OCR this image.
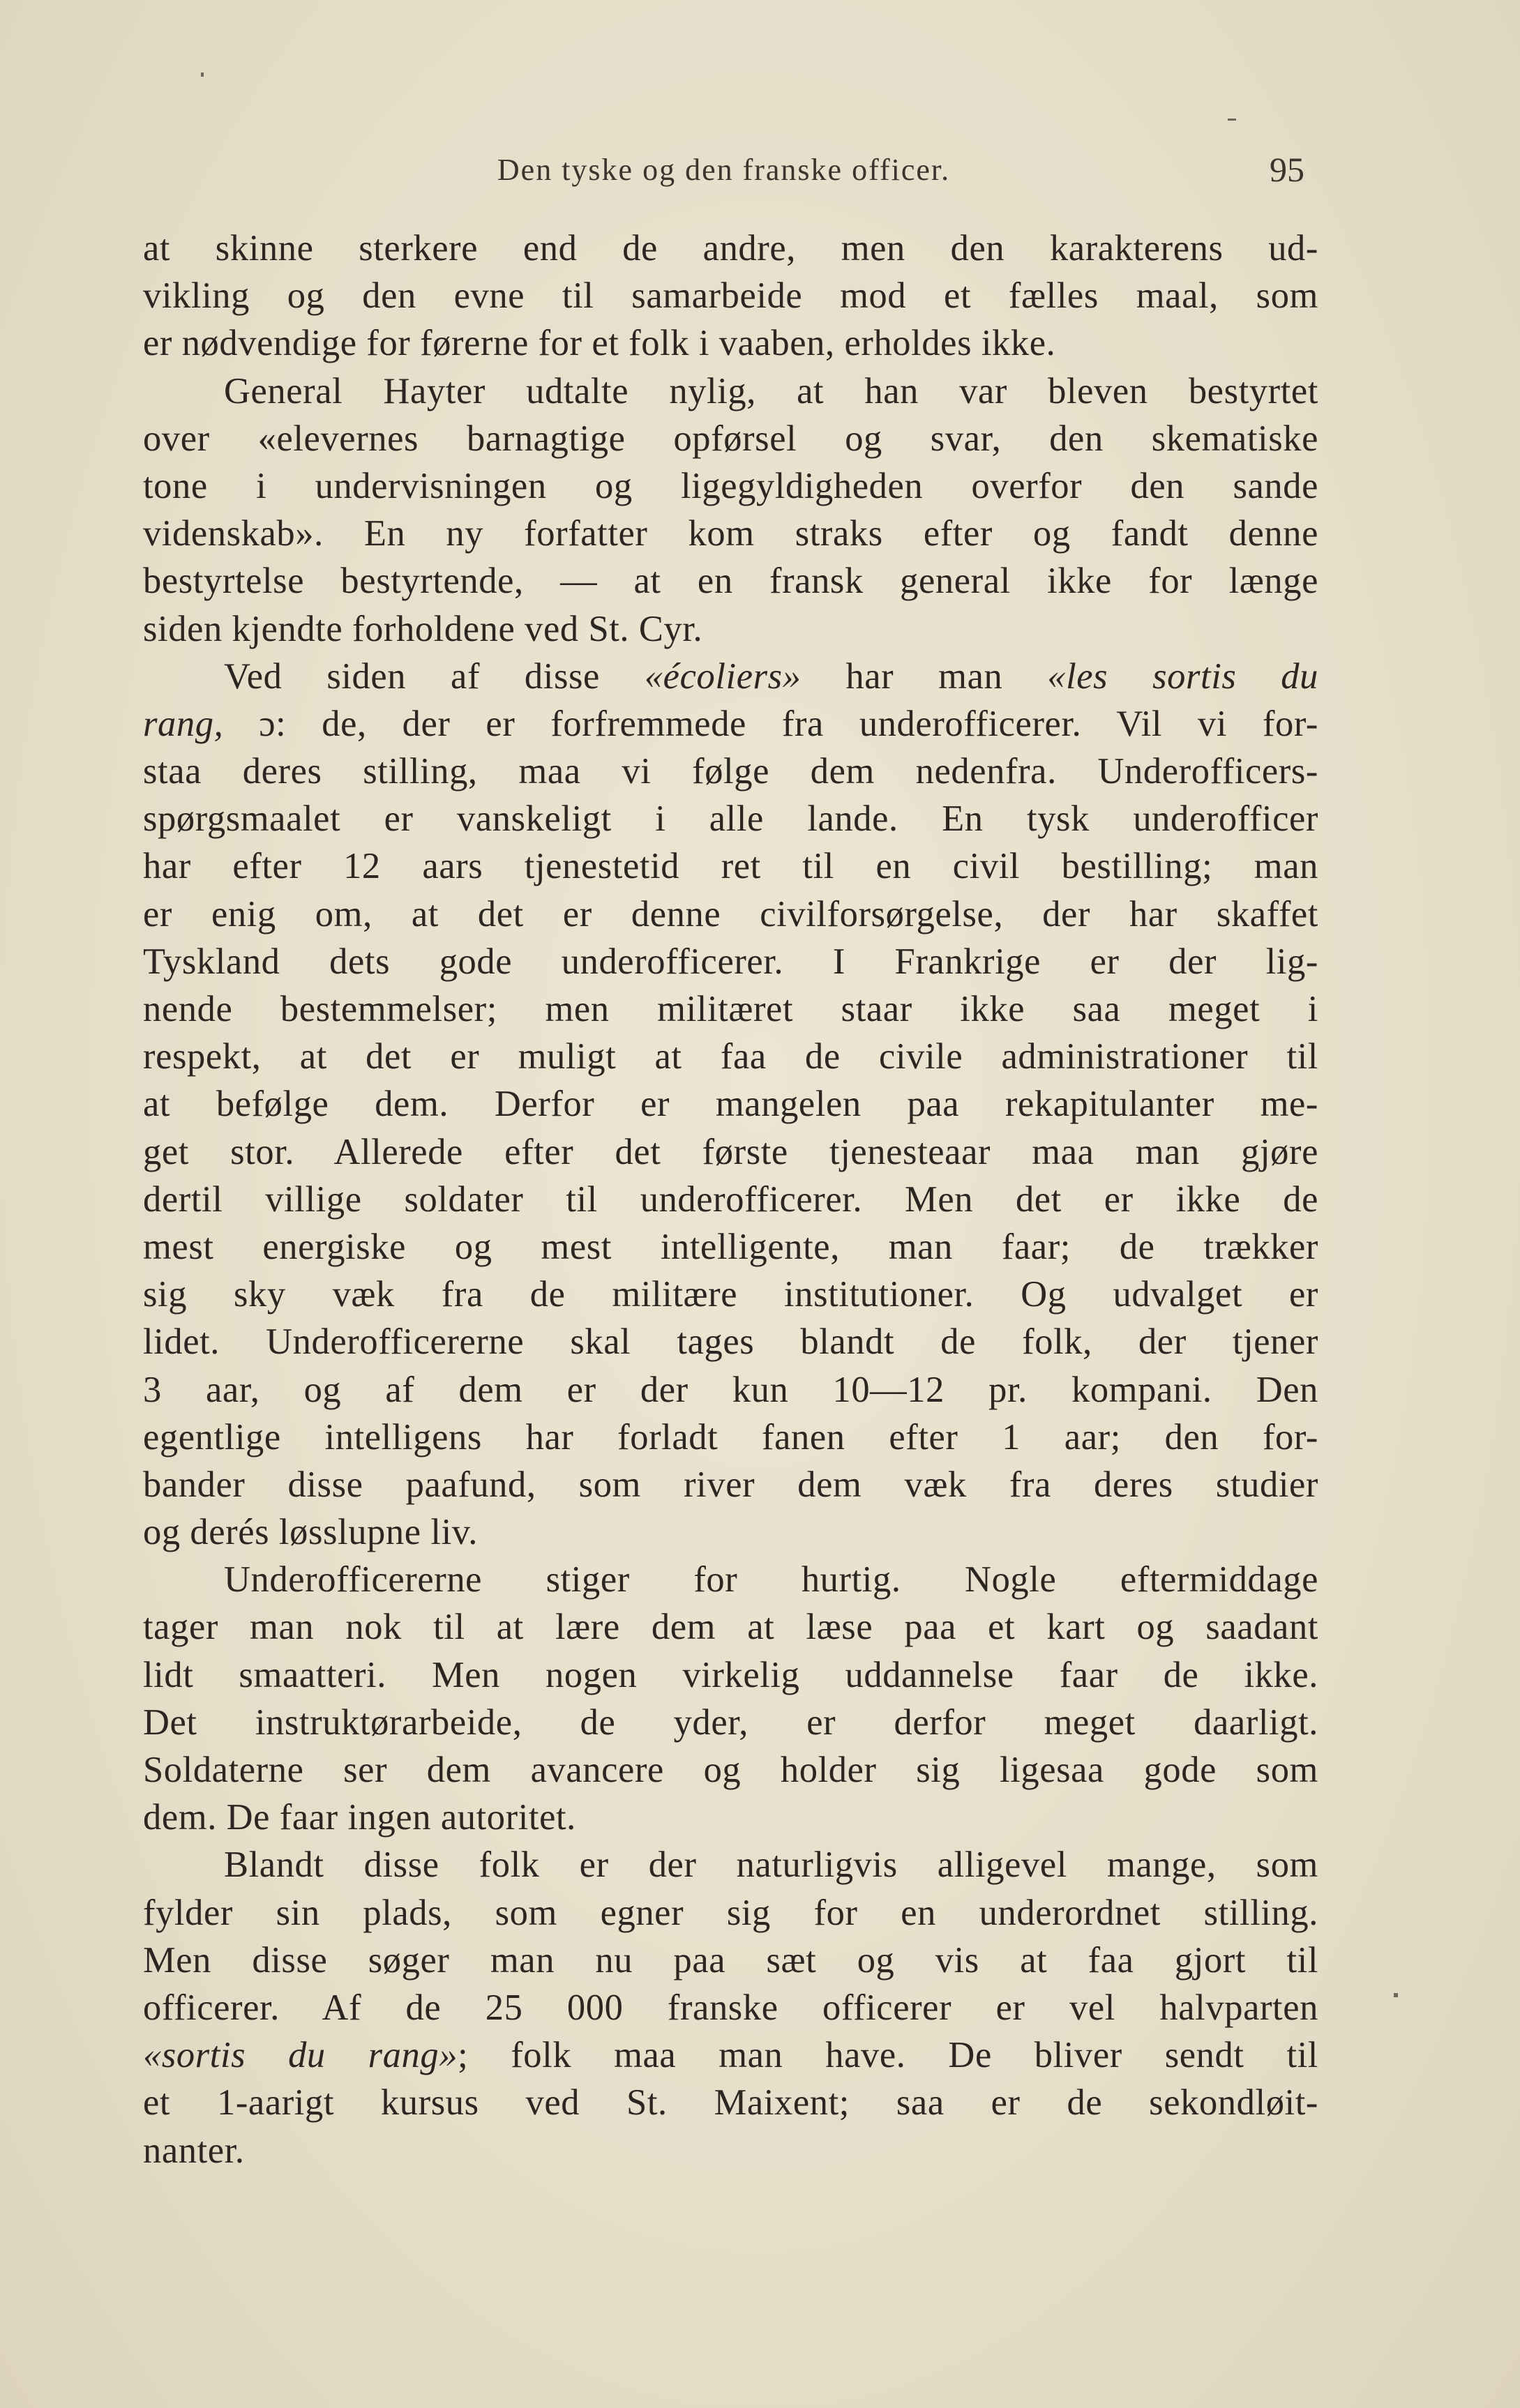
Den tyske og den franske officer.	95
at skinne sterkere end de andre, men den karakterens ud-
vikling og den evne til samarbeide mod et fælles maal, som
er nødvendige for førerne for et folk i vaaben, erholdes ikke.
General Hayter udtalte nylig, at han var bleven bestyrtet
over «elevernes barnagtige opførsel og svar, den skematiske
tone i undervisningen og ligegyldigheden overfor den sande
videnskab». En ny forfatter kom straks efter og fandt denne
bestyrtelse bestyrtende, — at en fransk general ikke for længe
siden kjendte forholdene ved St. Cyr.
Ved siden af disse «écoliers» har man «les sortis du
rang, ɔ: de, der er forfremmede fra underofficerer. Vil vi for-
staa deres stilling, maa vi følge dem nedenfra. Underofficers-
spørgsmaalet er vanskeligt i alle lande. En tysk underofficer
har efter 12 aars tjenestetid ret til en civil bestilling; man
er enig om, at det er denne civilforsørgelse, der har skaffet
Tyskland dets gode underofficerer. I Frankrige er der lig-
nende bestemmelser; men militæret staar ikke saa meget i
respekt, at det er muligt at faa de civile administrationer til
at befølge dem. Derfor er mangelen paa rekapitulanter me-
get stor. Allerede efter det første tjenesteaar maa man gjøre
dertil villige soldater til underofficerer. Men det er ikke de
mest energiske og mest intelligente, man faar; de trækker
sig sky væk fra de militære institutioner. Og udvalget er
lidet. Underofficererne skal tages blandt de folk, der tjener
3 aar, og af dem er der kun 10—12 pr. kompani. Den
egentlige intelligens har forladt fanen efter 1 aar; den for-
bander disse paafund, som river dem væk fra deres studier
og derés løsslupne liv.
Underofficererne stiger for hurtig. Nogle eftermiddage
tager man nok til at lære dem at læse paa et kart og saadant
lidt smaatteri. Men nogen virkelig uddannelse faar de ikke.
Det instruktørarbeide, de yder, er derfor meget daarligt.
Soldaterne ser dem avancere og holder sig ligesaa gode som
dem. De faar ingen autoritet.
Blandt disse folk er der naturligvis alligevel mange, som
fylder sin plads, som egner sig for en underordnet stilling.
Men disse søger man nu paa sæt og vis at faa gjort til
officerer. Af de 25 000 franske officerer er vel halvparten
«sortis du rang»; folk maa man have. De bliver sendt til
et 1-aarigt kursus ved St. Maixent; saa er de sekondløit-
nanter.
